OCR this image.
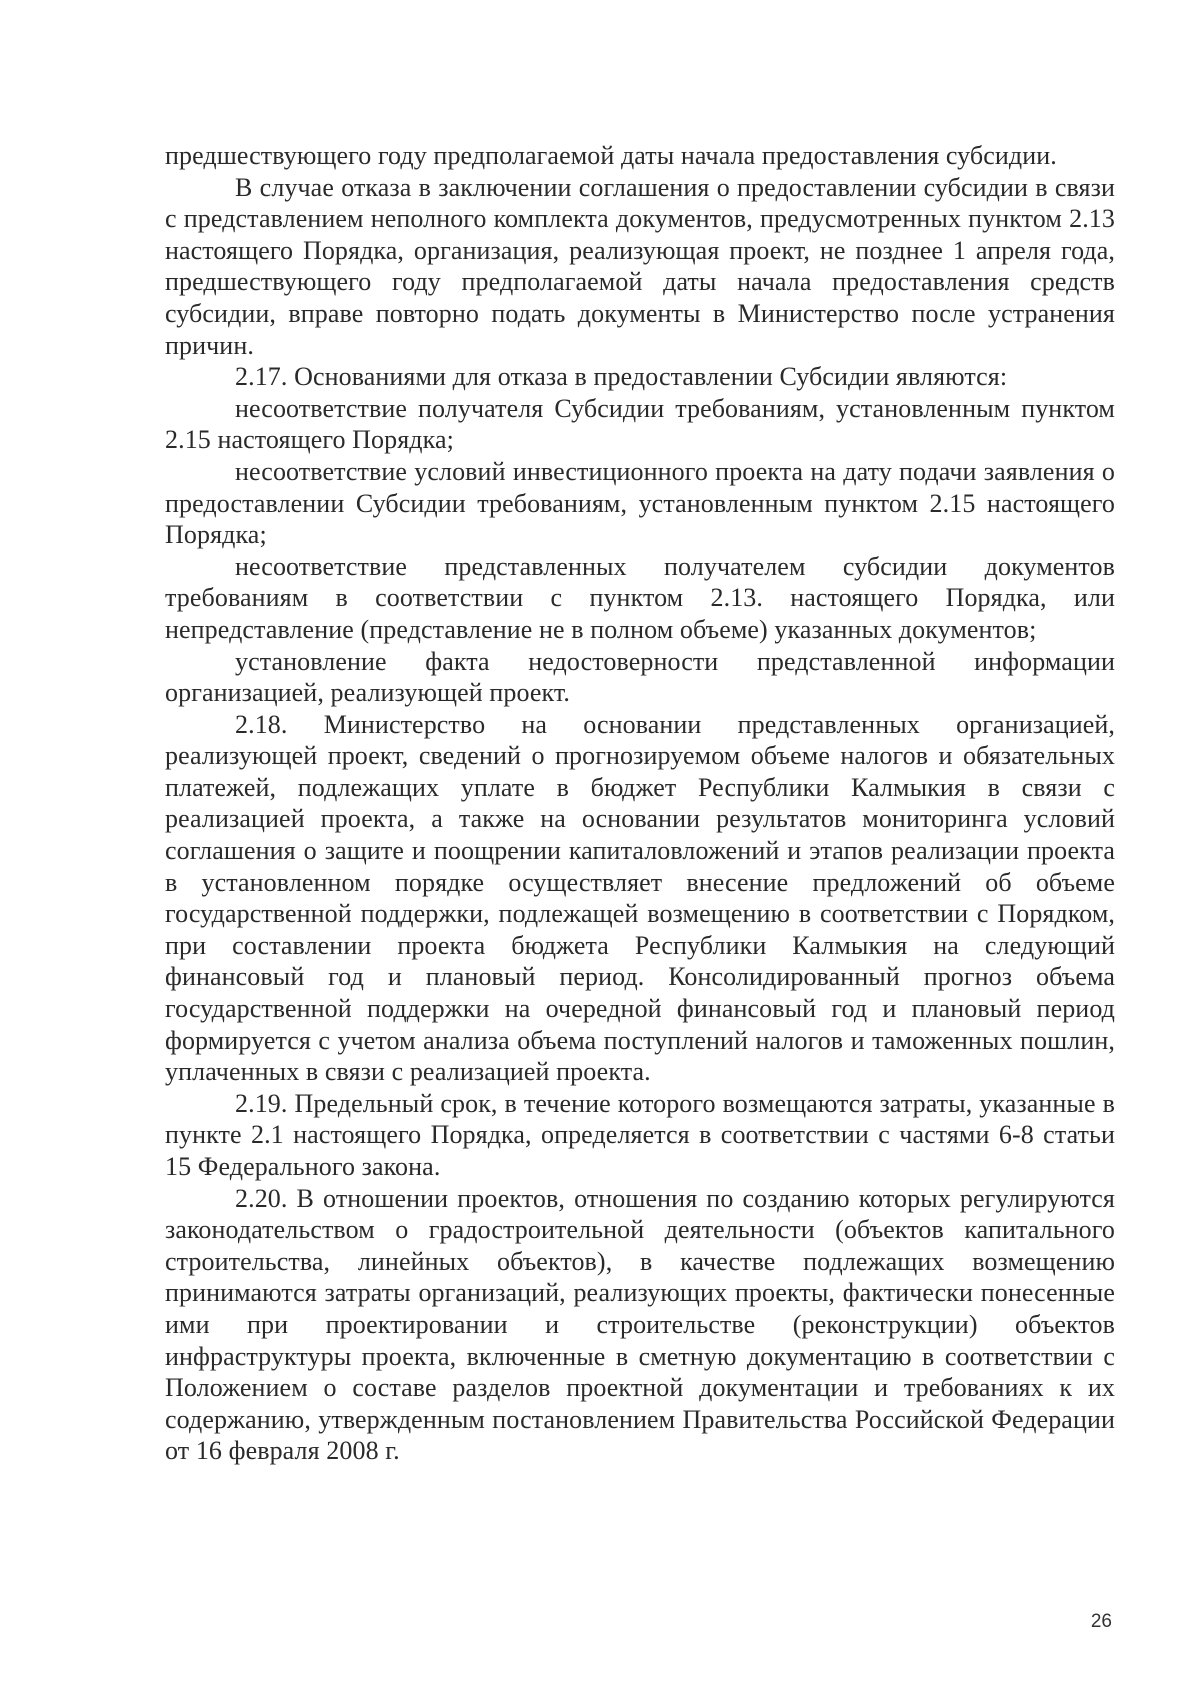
предшествующего году предполагаемой даты начала предоставления субсидии.

В случае отказа в заключении соглашения о предоставлении субсидии в связи с представлением неполного комплекта документов, предусмотренных пунктом 2.13 настоящего Порядка, организация, реализующая проект, не позднее 1 апреля года, предшествующего году предполагаемой даты начала предоставления средств субсидии, вправе повторно подать документы в Министерство после устранения причин.

2.17. Основаниями для отказа в предоставлении Субсидии являются:

несоответствие получателя Субсидии требованиям, установленным пунктом 2.15 настоящего Порядка;

несоответствие условий инвестиционного проекта на дату подачи заявления о предоставлении Субсидии требованиям, установленным пунктом 2.15 настоящего Порядка;

несоответствие представленных получателем субсидии документов требованиям в соответствии с пунктом 2.13. настоящего Порядка, или непредставление (представление не в полном объеме) указанных документов;

установление факта недостоверности представленной информации организацией, реализующей проект.

2.18. Министерство на основании представленных организацией, реализующей проект, сведений о прогнозируемом объеме налогов и обязательных платежей, подлежащих уплате в бюджет Республики Калмыкия в связи с реализацией проекта, а также на основании результатов мониторинга условий соглашения о защите и поощрении капиталовложений и этапов реализации проекта в установленном порядке осуществляет внесение предложений об объеме государственной поддержки, подлежащей возмещению в соответствии с Порядком, при составлении проекта бюджета Республики Калмыкия на следующий финансовый год и плановый период. Консолидированный прогноз объема государственной поддержки на очередной финансовый год и плановый период формируется с учетом анализа объема поступлений налогов и таможенных пошлин, уплаченных в связи с реализацией проекта.

2.19. Предельный срок, в течение которого возмещаются затраты, указанные в пункте 2.1 настоящего Порядка, определяется в соответствии с частями 6-8 статьи 15 Федерального закона.

2.20. В отношении проектов, отношения по созданию которых регулируются законодательством о градостроительной деятельности (объектов капитального строительства, линейных объектов), в качестве подлежащих возмещению принимаются затраты организаций, реализующих проекты, фактически понесенные ими при проектировании и строительстве (реконструкции) объектов инфраструктуры проекта, включенные в сметную документацию в соответствии с Положением о составе разделов проектной документации и требованиях к их содержанию, утвержденным постановлением Правительства Российской Федерации от 16 февраля 2008 г.

26
